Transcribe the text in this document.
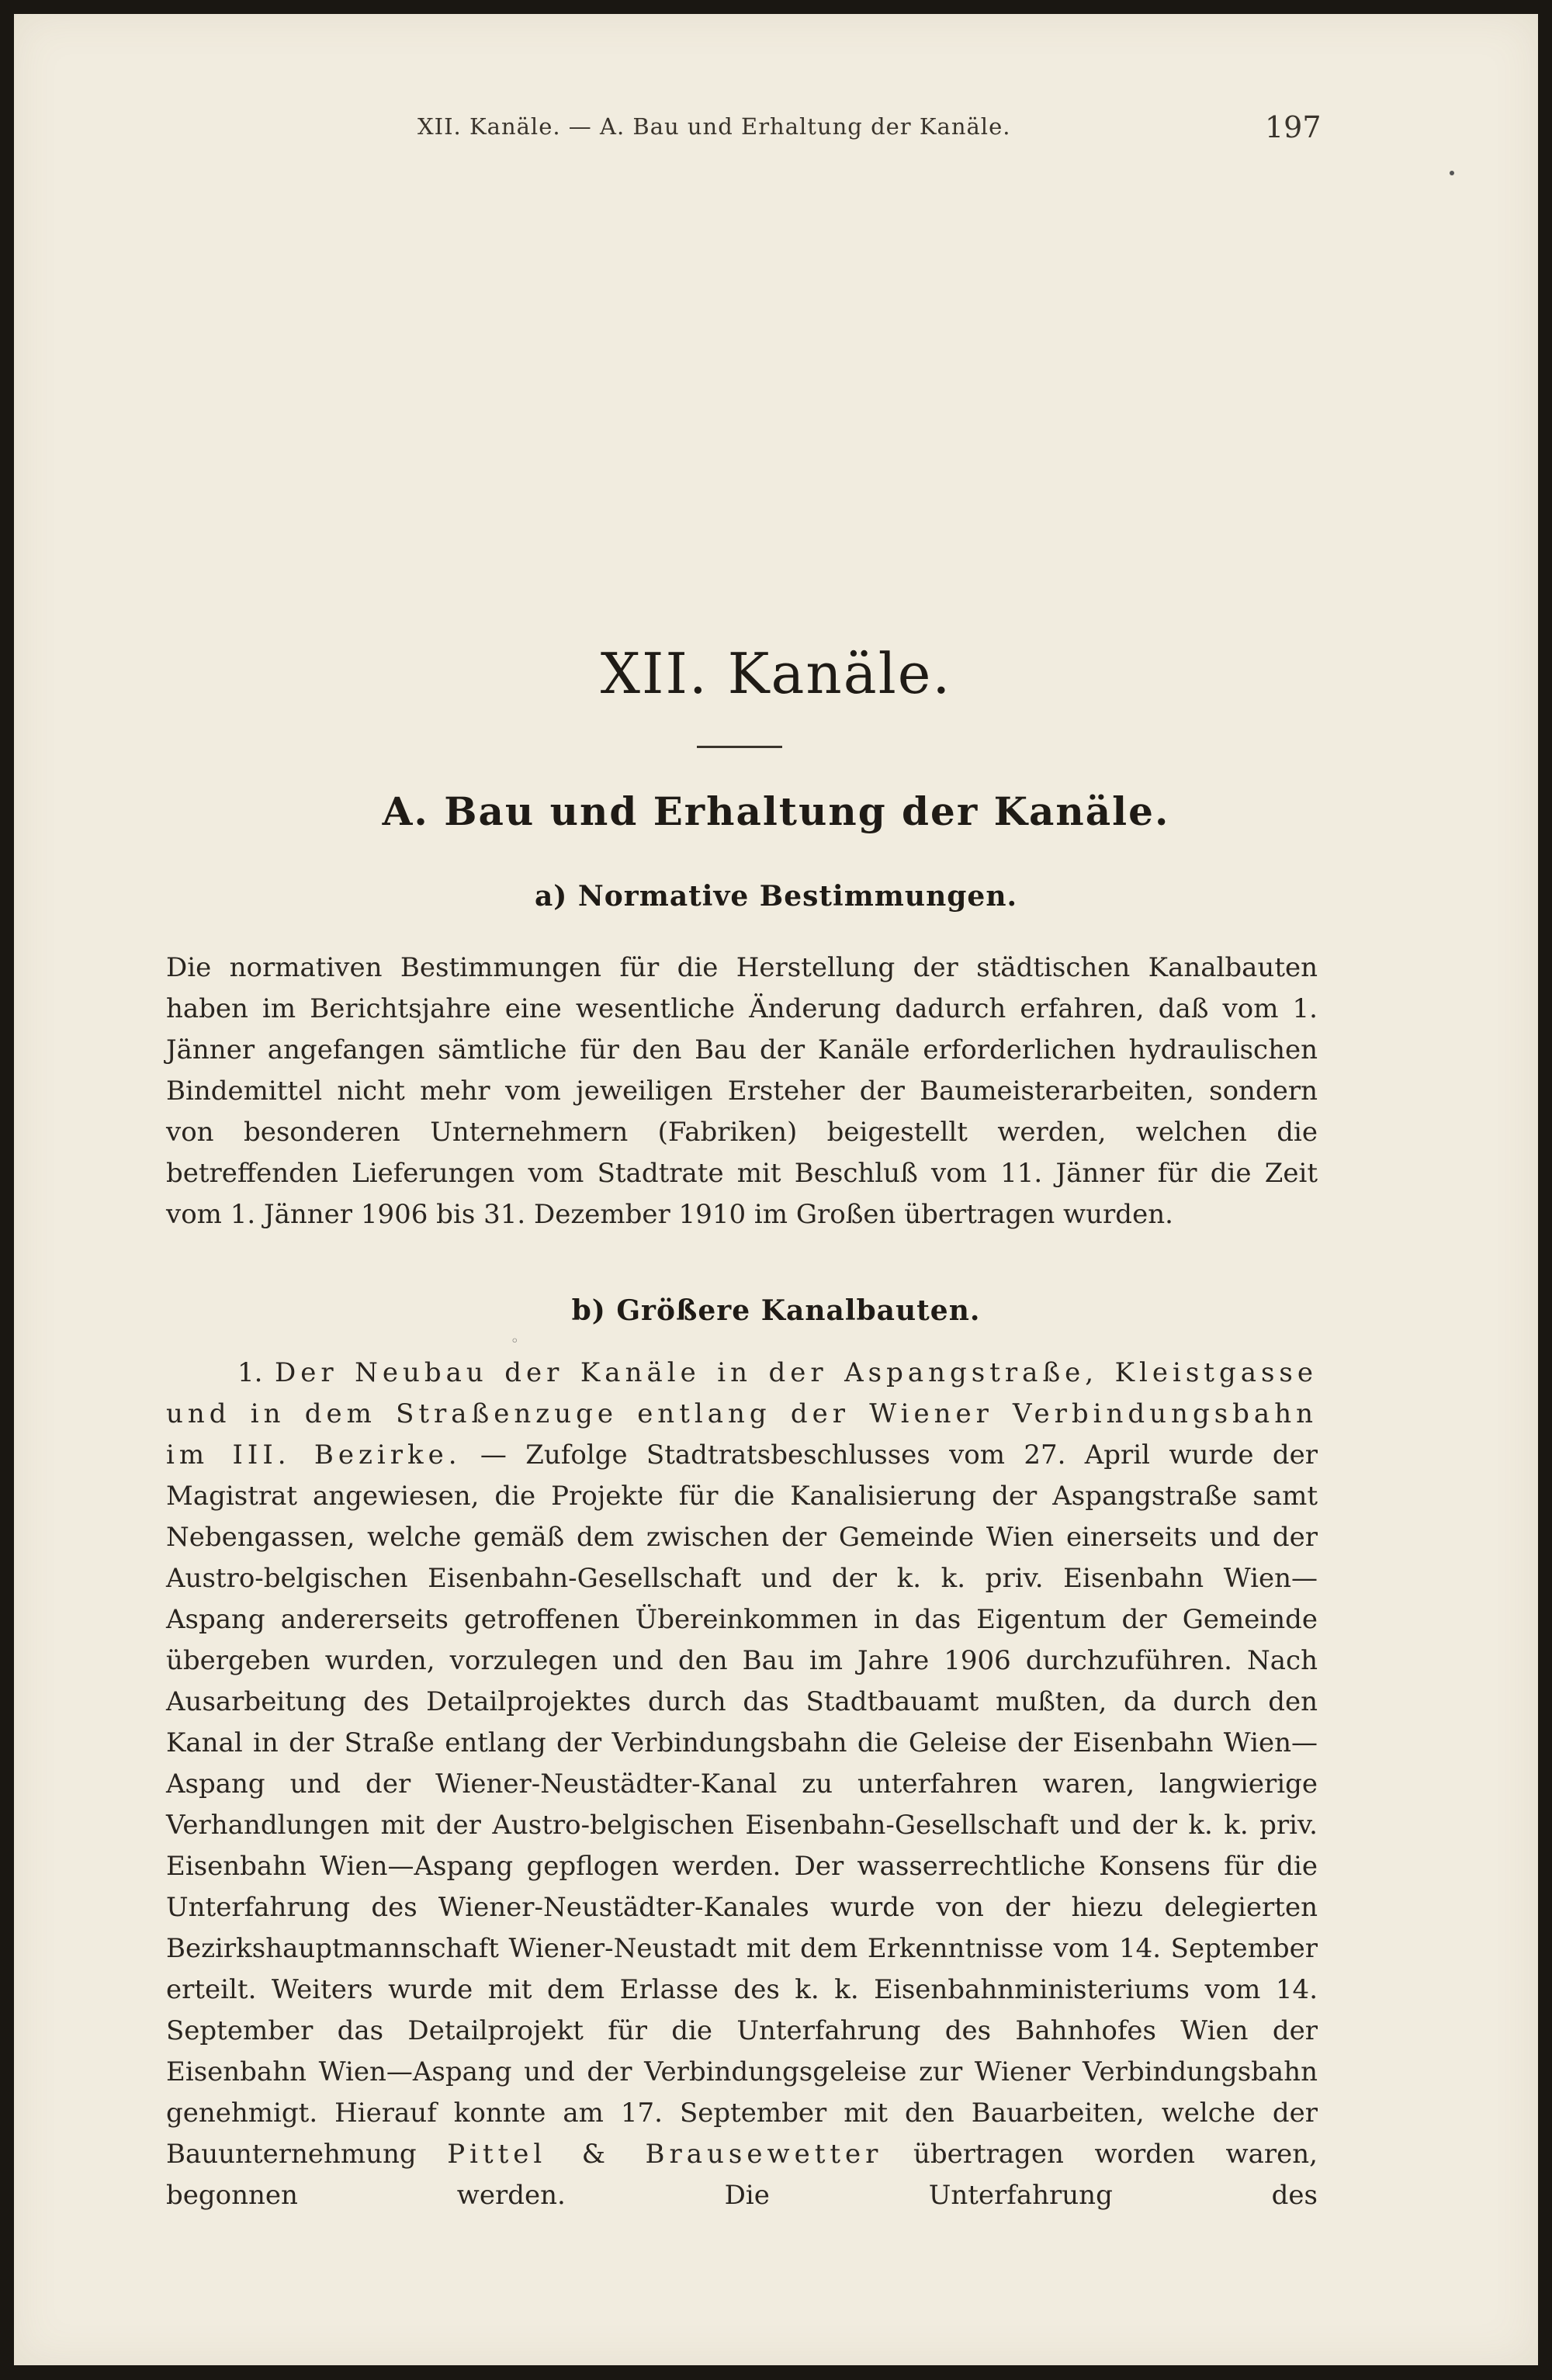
XII. Kanäle. — A. Bau und Erhaltung der Kanäle.	197
XII. Kanäle.
A. Bau und Erhaltung der Kanäle.
a) Normative Bestimmungen.
Die normativen Bestimmungen für die Herstellung der städtischen Kanalbauten haben im Berichtsjahre eine wesentliche Änderung dadurch erfahren, daß vom 1. Jänner angefangen sämtliche für den Bau der Kanäle erforderlichen hydraulischen Bindemittel nicht mehr vom jeweiligen Ersteher der Baumeisterarbeiten, sondern von besonderen Unternehmern (Fabriken) beigestellt werden, welchen die betreffenden Lieferungen vom Stadtrate mit Beschluß vom 11. Jänner für die Zeit vom 1. Jänner 1906 bis 31. Dezember 1910 im Großen übertragen wurden.
b) Größere Kanalbauten.
◦
1. Der Neubau der Kanäle in der Aspangstraße, Kleistgasse und in dem Straßenzuge entlang der Wiener Verbindungsbahn im III. Bezirke. — Zufolge Stadtratsbeschlusses vom 27. April wurde der Magistrat angewiesen, die Projekte für die Kanalisierung der Aspangstraße samt Nebengassen, welche gemäß dem zwischen der Gemeinde Wien einerseits und der Austro-belgischen Eisenbahn-Gesellschaft und der k. k. priv. Eisenbahn Wien—Aspang andererseits getroffenen Übereinkommen in das Eigentum der Gemeinde übergeben wurden, vorzulegen und den Bau im Jahre 1906 durchzuführen. Nach Ausarbeitung des Detailprojektes durch das Stadtbauamt mußten, da durch den Kanal in der Straße entlang der Verbindungsbahn die Geleise der Eisenbahn Wien—Aspang und der Wiener-Neustädter-Kanal zu unterfahren waren, langwierige Verhandlungen mit der Austro-belgischen Eisenbahn-Gesellschaft und der k. k. priv. Eisenbahn Wien—Aspang gepflogen werden. Der wasserrechtliche Konsens für die Unterfahrung des Wiener-Neustädter-Kanales wurde von der hiezu delegierten Bezirkshauptmannschaft Wiener-Neustadt mit dem Erkenntnisse vom 14. September erteilt. Weiters wurde mit dem Erlasse des k. k. Eisenbahnministeriums vom 14. September das Detailprojekt für die Unterfahrung des Bahnhofes Wien der Eisenbahn Wien—Aspang und der Verbindungsgeleise zur Wiener Verbindungsbahn genehmigt. Hierauf konnte am 17. September mit den Bauarbeiten, welche der Bauunternehmung Pittel & Brausewetter übertragen worden waren, begonnen werden. Die Unterfahrung des
